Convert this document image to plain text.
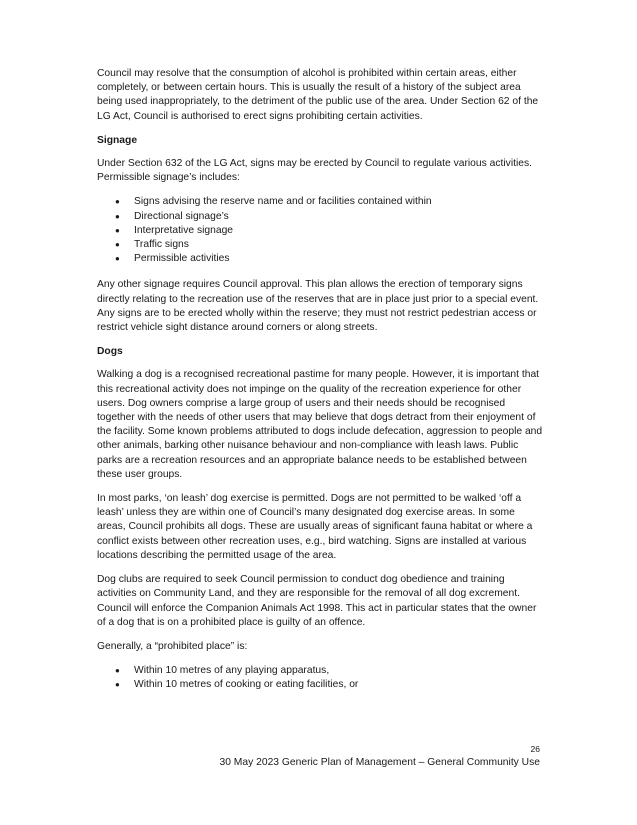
Council may resolve that the consumption of alcohol is prohibited within certain areas, either completely, or between certain hours. This is usually the result of a history of the subject area being used inappropriately, to the detriment of the public use of the area. Under Section 62 of the LG Act, Council is authorised to erect signs prohibiting certain activities.

Signage

Under Section 632 of the LG Act, signs may be erected by Council to regulate various activities. Permissible signage’s includes:

● Signs advising the reserve name and or facilities contained within
● Directional signage’s
● Interpretative signage
● Traffic signs
● Permissible activities

Any other signage requires Council approval. This plan allows the erection of temporary signs directly relating to the recreation use of the reserves that are in place just prior to a special event. Any signs are to be erected wholly within the reserve; they must not restrict pedestrian access or restrict vehicle sight distance around corners or along streets.

Dogs

Walking a dog is a recognised recreational pastime for many people. However, it is important that this recreational activity does not impinge on the quality of the recreation experience for other users. Dog owners comprise a large group of users and their needs should be recognised together with the needs of other users that may believe that dogs detract from their enjoyment of the facility. Some known problems attributed to dogs include defecation, aggression to people and other animals, barking other nuisance behaviour and non-compliance with leash laws. Public parks are a recreation resources and an appropriate balance needs to be established between these user groups.

In most parks, ‘on leash’ dog exercise is permitted. Dogs are not permitted to be walked ‘off a leash’ unless they are within one of Council’s many designated dog exercise areas. In some areas, Council prohibits all dogs. These are usually areas of significant fauna habitat or where a conflict exists between other recreation uses, e.g., bird watching. Signs are installed at various locations describing the permitted usage of the area.

Dog clubs are required to seek Council permission to conduct dog obedience and training activities on Community Land, and they are responsible for the removal of all dog excrement. Council will enforce the Companion Animals Act 1998. This act in particular states that the owner of a dog that is on a prohibited place is guilty of an offence.

Generally, a “prohibited place” is:

● Within 10 metres of any playing apparatus,
● Within 10 metres of cooking or eating facilities, or
26
30 May 2023 Generic Plan of Management – General Community Use
